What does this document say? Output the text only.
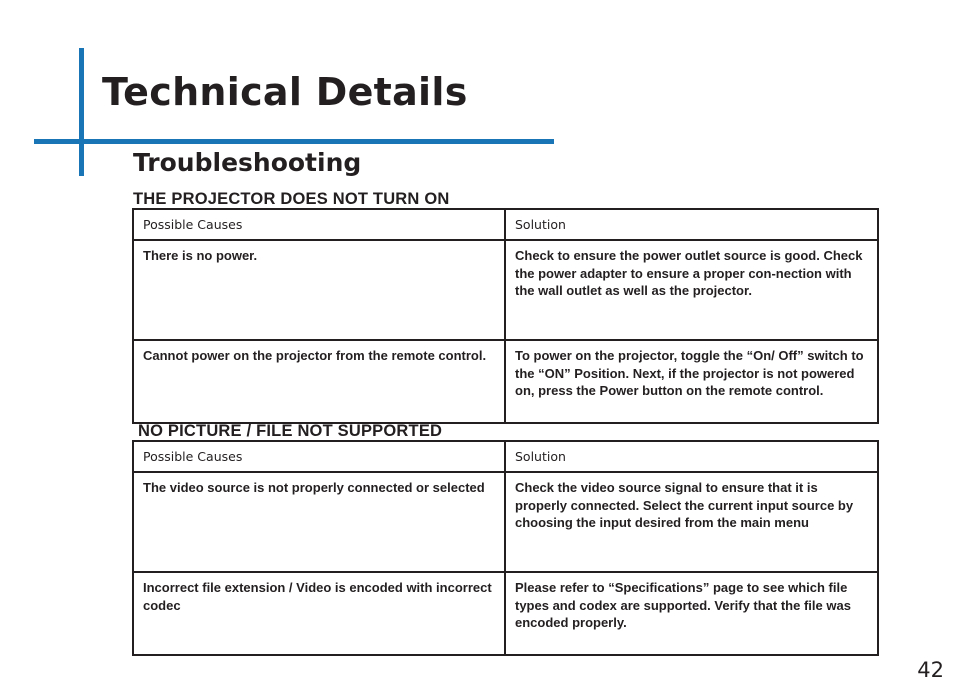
Technical Details
Troubleshooting
THE PROJECTOR DOES NOT TURN ON
Possible Causes	Solution
There is no power.	Check to ensure the power outlet source is good. Check the power adapter to ensure a proper con-nection with the wall outlet as well as the projector.
Cannot power on the projector from the remote control.	To power on the projector, toggle the “On/ Off” switch to the “ON” Position. Next, if the projector is not powered on, press the Power button on the remote control.
NO PICTURE / FILE NOT SUPPORTED
Possible Causes	Solution
The video source is not properly connected or selected	Check the video source signal to ensure that it is properly connected. Select the current input source by choosing the input desired from the main menu
Incorrect file extension / Video is encoded with incorrect codec	Please refer to “Specifications” page to see which file types and codex are supported. Verify that the file was encoded properly.
42
